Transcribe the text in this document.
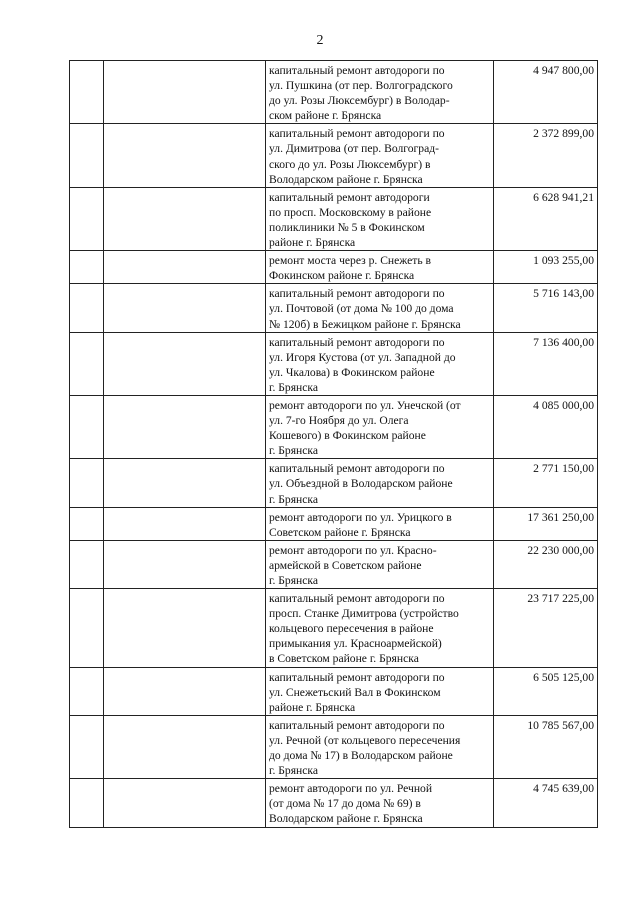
2
		капитальный ремонт автодороги по
ул. Пушкина (от пер. Волгоградского
до ул. Розы Люксембург) в Володар-
ском районе г. Брянска	4 947 800,00
		капитальный ремонт автодороги по
ул. Димитрова (от пер. Волгоград-
ского до ул. Розы Люксембург) в
Володарском районе г. Брянска	2 372 899,00
		капитальный ремонт автодороги
по просп. Московскому в районе
поликлиники № 5 в Фокинском
районе г. Брянска	6 628 941,21
		ремонт моста через р. Снежеть в
Фокинском районе г. Брянска	1 093 255,00
		капитальный ремонт автодороги по
ул. Почтовой (от дома № 100 до дома
№ 120б) в Бежицком районе г. Брянска	5 716 143,00
		капитальный ремонт автодороги по
ул. Игоря Кустова (от ул. Западной до
ул. Чкалова) в Фокинском районе
г. Брянска	7 136 400,00
		ремонт автодороги по ул. Унечской (от
ул. 7-го Ноября до ул. Олега
Кошевого) в Фокинском районе
г. Брянска	4 085 000,00
		капитальный ремонт автодороги по
ул. Объездной в Володарском районе
г. Брянска	2 771 150,00
		ремонт автодороги по ул. Урицкого в
Советском районе г. Брянска	17 361 250,00
		ремонт автодороги по ул. Красно-
армейской в Советском районе
г. Брянска	22 230 000,00
		капитальный ремонт автодороги по
просп. Станке Димитрова (устройство
кольцевого пересечения в районе
примыкания ул. Красноармейской)
в Советском районе г. Брянска	23 717 225,00
		капитальный ремонт автодороги по
ул. Снежетьский Вал в Фокинском
районе г. Брянска	6 505 125,00
		капитальный ремонт автодороги по
ул. Речной (от кольцевого пересечения
до дома № 17) в Володарском районе
г. Брянска	10 785 567,00
		ремонт автодороги по ул. Речной
(от дома № 17 до дома № 69) в
Володарском районе г. Брянска	4 745 639,00
